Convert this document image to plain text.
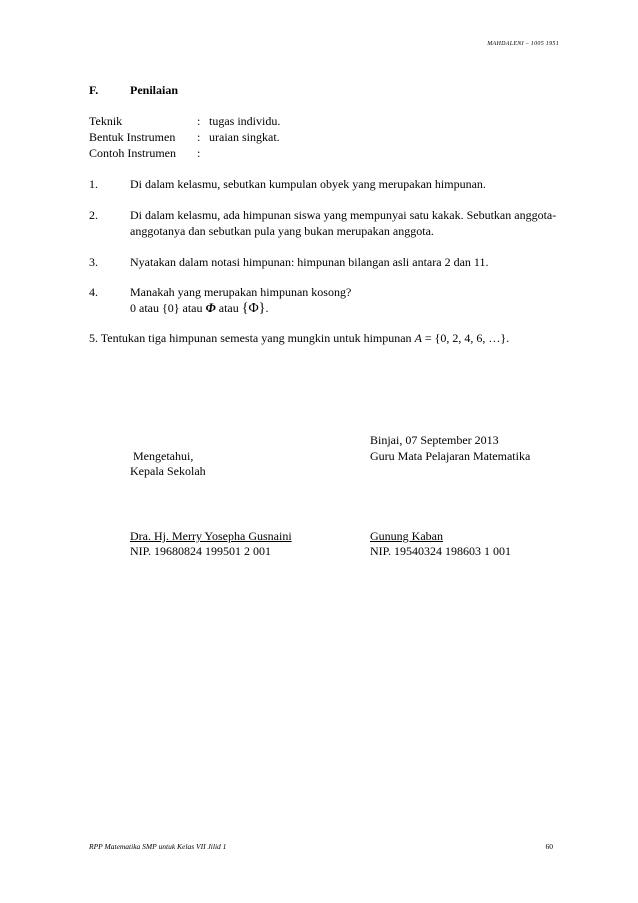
MAHDALENI – 1005 1951
F.	Penilaian
Teknik	: tugas individu.
Bentuk Instrumen : uraian singkat.
Contoh Instrumen :
1.	Di dalam kelasmu, sebutkan kumpulan obyek yang merupakan himpunan.
2.	Di dalam kelasmu, ada himpunan siswa yang mempunyai satu kakak. Sebutkan anggota-
anggotanya dan sebutkan pula yang bukan merupakan anggota.
3.	Nyatakan dalam notasi himpunan: himpunan bilangan asli antara 2 dan 11.
4.	Manakah yang merupakan himpunan kosong?
0 atau {0} atau Φ atau {Φ}.
5. Tentukan tiga himpunan semesta yang mungkin untuk himpunan A = {0, 2, 4, 6, …}.
Binjai, 07 September 2013
Mengetahui,	Guru Mata Pelajaran Matematika
Kepala Sekolah
Dra. Hj. Merry Yosepha Gusnaini	Gunung Kaban
NIP. 19680824 199501 2 001	NIP. 19540324 198603 1 001
RPP Matematika SMP untuk Kelas VII Jilid 1	60
